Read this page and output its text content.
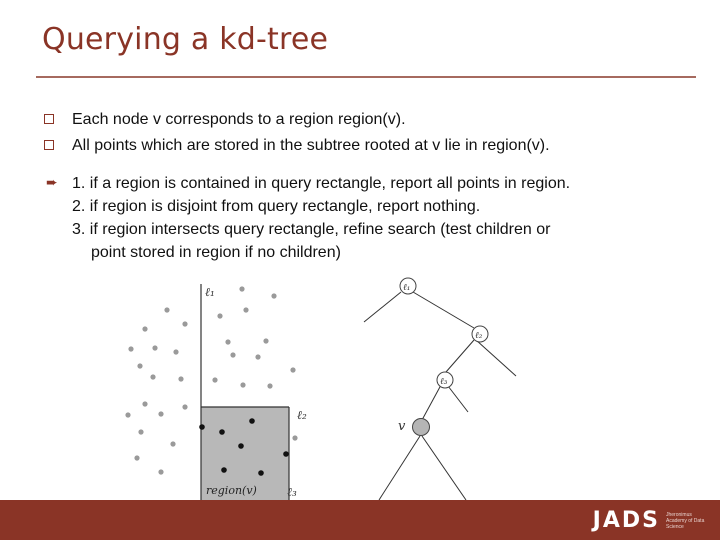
Querying a kd-tree
Each node v corresponds to a region region(v).
All points which are stored in the subtree rooted at v lie in region(v).
➨ 1. if a region is contained in query rectangle, report all points in region.
2. if region is disjoint from query rectangle, report nothing.
3. if region intersects query rectangle, refine search (test children or
point stored in region if no children)
ℓ₁
ℓ₂
ℓ₃
region(v)
ℓ₁
ℓ₂
ℓ₃
v
JADS Jheronimus Academy of Data Science
